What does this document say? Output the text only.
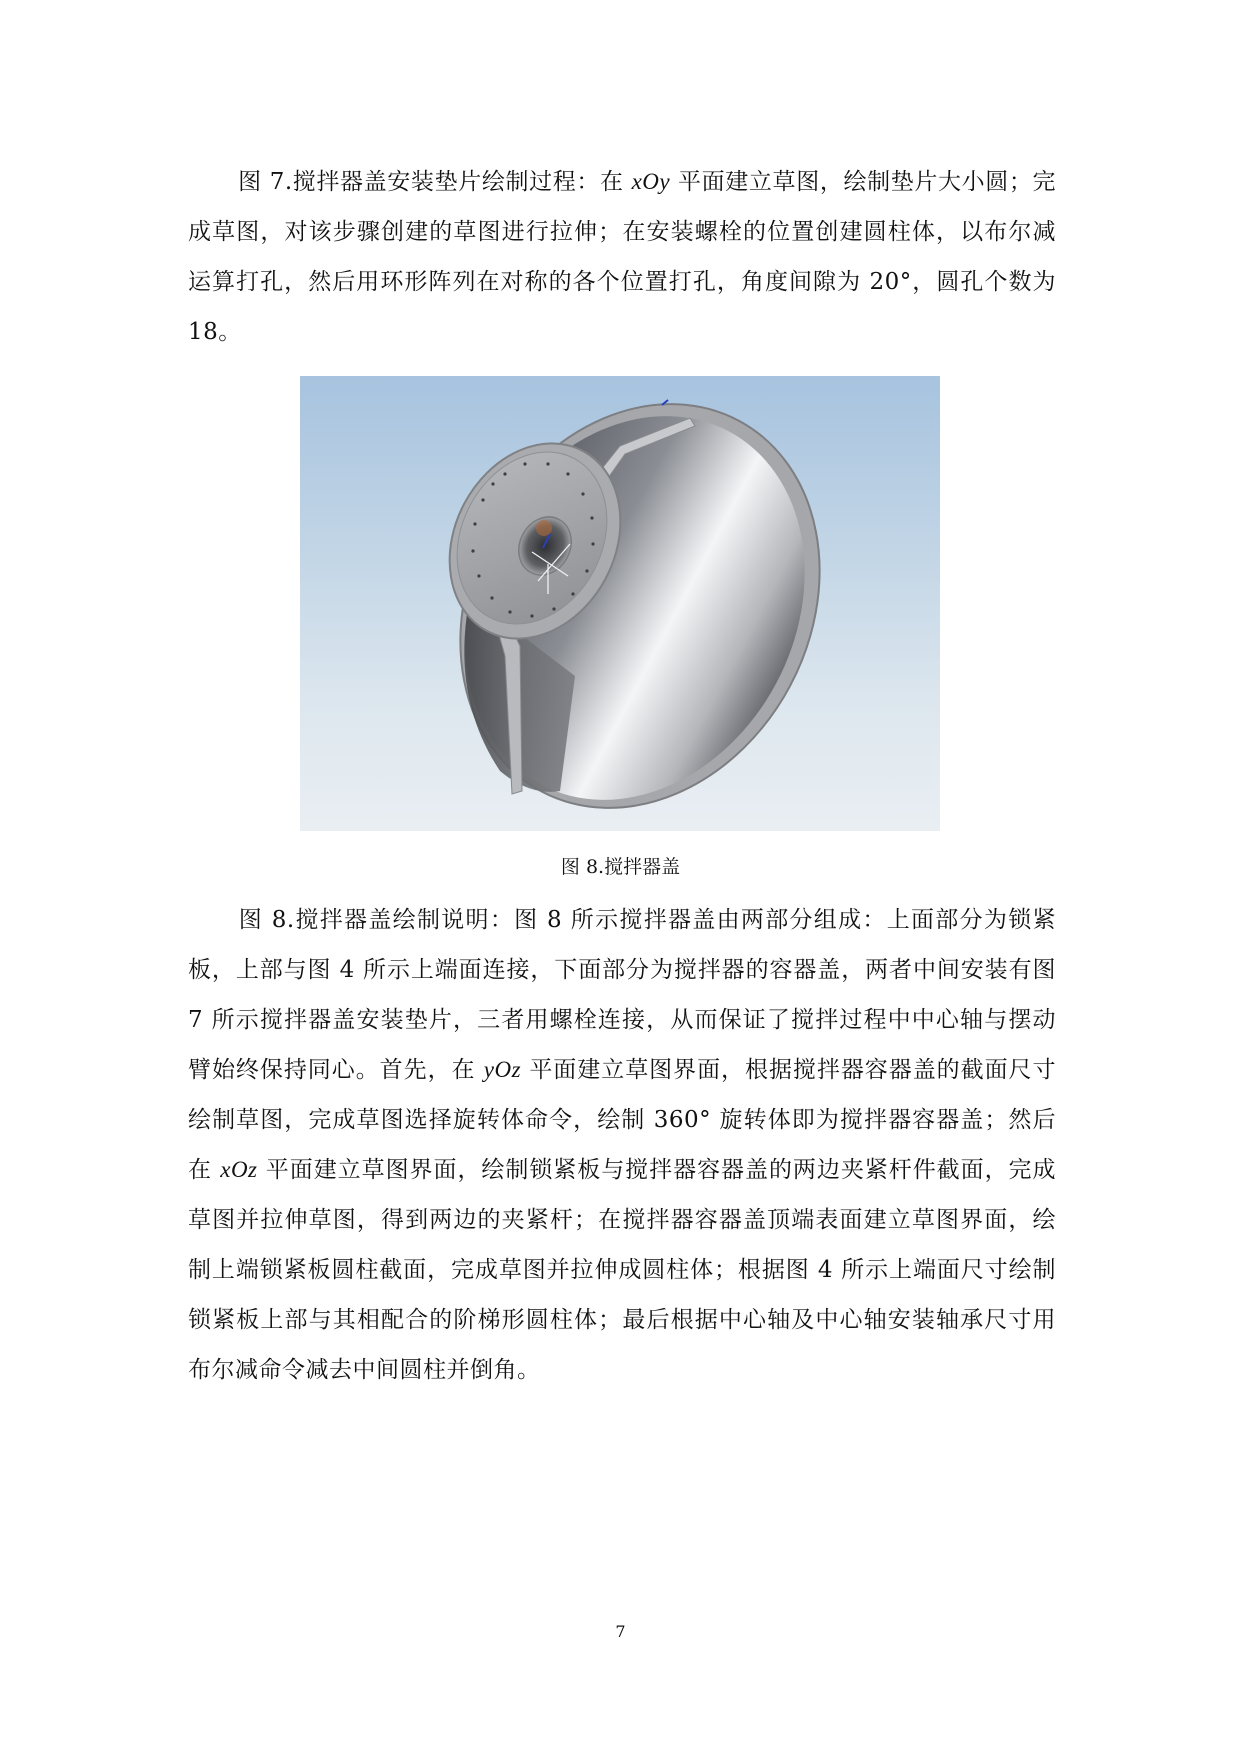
图 7.搅拌器盖安装垫片绘制过程：在 xOy 平面建立草图，绘制垫片大小圆；完成草图，对该步骤创建的草图进行拉伸；在安装螺栓的位置创建圆柱体，以布尔减运算打孔，然后用环形阵列在对称的各个位置打孔，角度间隙为 20°，圆孔个数为 18。
图 8.搅拌器盖
图 8.搅拌器盖绘制说明：图 8 所示搅拌器盖由两部分组成：上面部分为锁紧板，上部与图 4 所示上端面连接，下面部分为搅拌器的容器盖，两者中间安装有图 7 所示搅拌器盖安装垫片，三者用螺栓连接，从而保证了搅拌过程中中心轴与摆动臂始终保持同心。首先，在 yOz 平面建立草图界面，根据搅拌器容器盖的截面尺寸绘制草图，完成草图选择旋转体命令，绘制 360° 旋转体即为搅拌器容器盖；然后在 xOz 平面建立草图界面，绘制锁紧板与搅拌器容器盖的两边夹紧杆件截面，完成草图并拉伸草图，得到两边的夹紧杆；在搅拌器容器盖顶端表面建立草图界面，绘制上端锁紧板圆柱截面，完成草图并拉伸成圆柱体；根据图 4 所示上端面尺寸绘制锁紧板上部与其相配合的阶梯形圆柱体；最后根据中心轴及中心轴安装轴承尺寸用布尔减命令减去中间圆柱并倒角。
7
